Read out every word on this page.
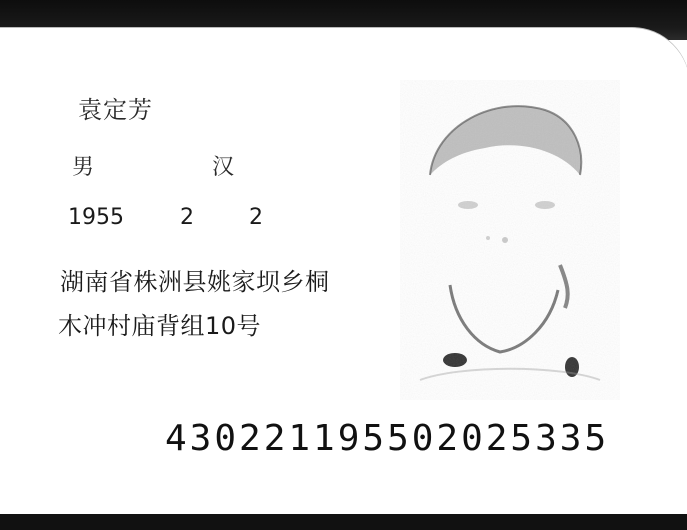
袁定芳
男	汉
1955	2	2
湖南省株洲县姚家坝乡桐
木冲村庙背组10号
430221195502025335
